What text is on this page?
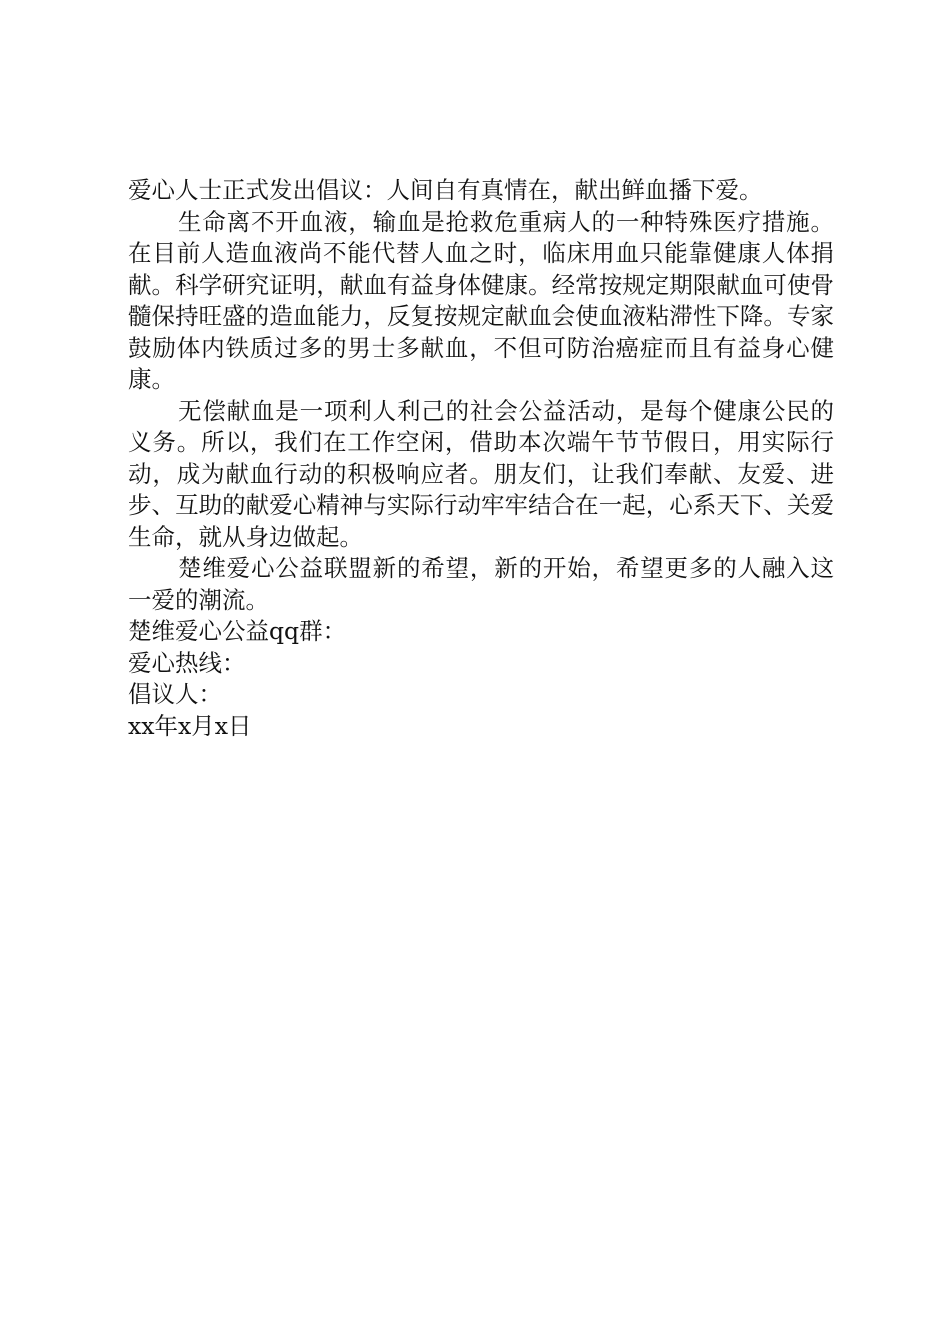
爱心人士正式发出倡议：人间自有真情在，献出鲜血播下爱。

生命离不开血液，输血是抢救危重病人的一种特殊医疗措施。在目前人造血液尚不能代替人血之时，临床用血只能靠健康人体捐献。科学研究证明，献血有益身体健康。经常按规定期限献血可使骨髓保持旺盛的造血能力，反复按规定献血会使血液粘滞性下降。专家鼓励体内铁质过多的男士多献血，不但可防治癌症而且有益身心健康。

无偿献血是一项利人利己的社会公益活动，是每个健康公民的义务。所以，我们在工作空闲，借助本次端午节节假日，用实际行动，成为献血行动的积极响应者。朋友们，让我们奉献、友爱、进步、互助的献爱心精神与实际行动牢牢结合在一起，心系天下、关爱生命，就从身边做起。

楚维爱心公益联盟新的希望，新的开始，希望更多的人融入这一爱的潮流。

楚维爱心公益qq群：

爱心热线：

倡议人：

xx年x月x日
